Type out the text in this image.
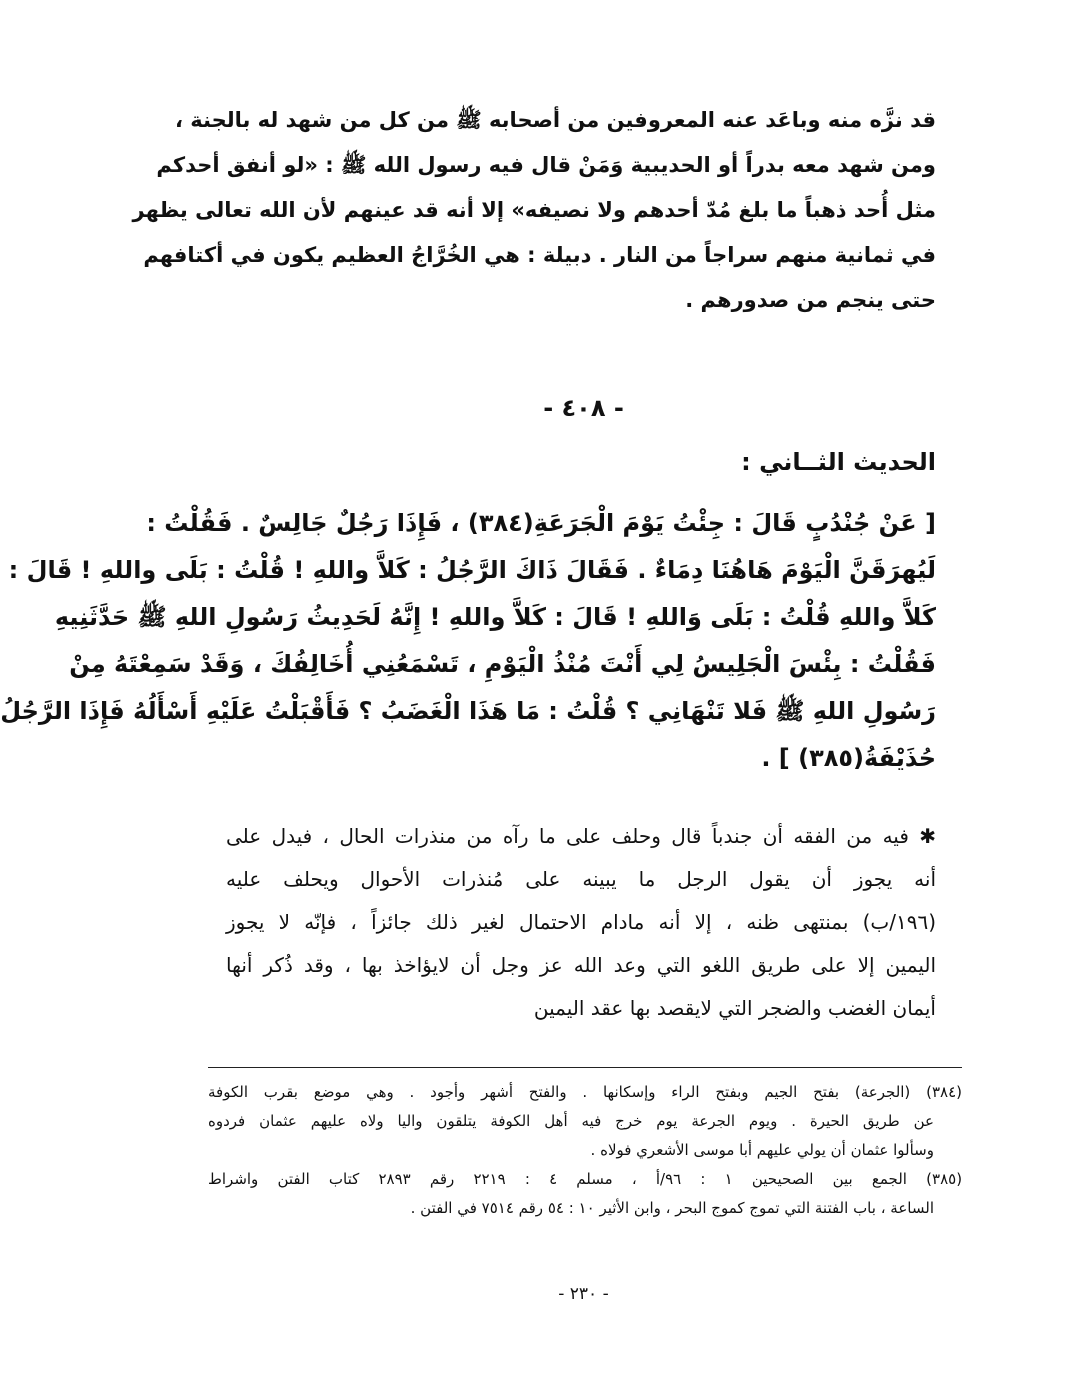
قد نزَّه منه وباعَد عنه المعروفين من أصحابه ﷺ من كل من شهد له بالجنة ،
ومن شهد معه بدراً أو الحديبية وَمَنْ قال فيه رسول الله ﷺ : «لو أنفق أحدكم
مثل أُحد ذهباً ما بلغ مُدّ أحدهم ولا نصيفه» إلا أنه قد عينهم لأن الله تعالى يظهر
في ثمانية منهم سراجاً من النار . دبيلة : هي الخُرَّاجُ العظيم يكون في أكتافهم
حتى ينجم من صدورهم .
- ٤٠٨ -
الحديث الثــاني :
[ عَنْ جُنْدُبٍ قَالَ : جِئْتُ يَوْمَ الْجَرَعَةِ(٣٨٤) ، فَإِذَا رَجُلٌ جَالِسٌ . فَقُلْتُ :
لَيُهرَقَنَّ الْيَوْمَ هَاهُنَا دِمَاءٌ . فَقَالَ ذَاكَ الرَّجُلُ : كَلاَّ واللهِ ! قُلْتُ : بَلَى واللهِ ! قَالَ :
كَلاَّ واللهِ قُلْتُ : بَلَى وَاللهِ ! قَالَ : كَلاَّ واللهِ ! إِنَّهُ لَحَدِيثُ رَسُولِ اللهِ ﷺ حَدَّثَنِيهِ
فَقُلْتُ : بِئْسَ الْجَلِيسُ لِي أَنْتَ مُنْذُ الْيَوْمِ ، تَسْمَعُنِي أُخَالِفُكَ ، وَقَدْ سَمِعْتَهُ مِنْ
رَسُولِ اللهِ ﷺ فَلا تَنْهَانِي ؟ قُلْتُ : مَا هَذَا الْغَضَبُ ؟ فَأَقْبَلْتُ عَلَيْهِ أَسْأَلُهُ فَإِذَا الرَّجُلُ
حُذَيْفَةُ(٣٨٥) ] .
✱ فيه من الفقه أن جندباً قال وحلف على ما رآه من منذرات الحال ، فيدل على
أنه يجوز أن يقول الرجل ما يبينه على مُنذرات الأحوال ويحلف عليه
(١٩٦/ب) بمنتهى ظنه ، إلا أنه مادام الاحتمال لغير ذلك جائزاً ، فإنّه لا يجوز
اليمين إلا على طريق اللغو التي وعد الله عز وجل أن لايؤاخذ بها ، وقد ذُكر أنها
أيمان الغضب والضجر التي لايقصد بها عقد اليمين
(٣٨٤) (الجرعة) بفتح الجيم وبفتح الراء وإسكانها . والفتح أشهر وأجود . وهي موضع بقرب الكوفة
عن طريق الحيرة . ويوم الجرعة يوم خرج فيه أهل الكوفة يتلقون واليا ولاه عليهم عثمان فردوه
وسألوا عثمان أن يولي عليهم أبا موسى الأشعري فولاه .
(٣٨٥) الجمع بين الصحيحين ١ : ٩٦/أ ، مسلم ٤ : ٢٢١٩ رقم ٢٨٩٣ كتاب الفتن واشراط
الساعة ، باب الفتنة التي تموج كموج البحر ، وابن الأثير ١٠ : ٥٤ رقم ٧٥١٤ في الفتن .
- ٢٣٠ -
